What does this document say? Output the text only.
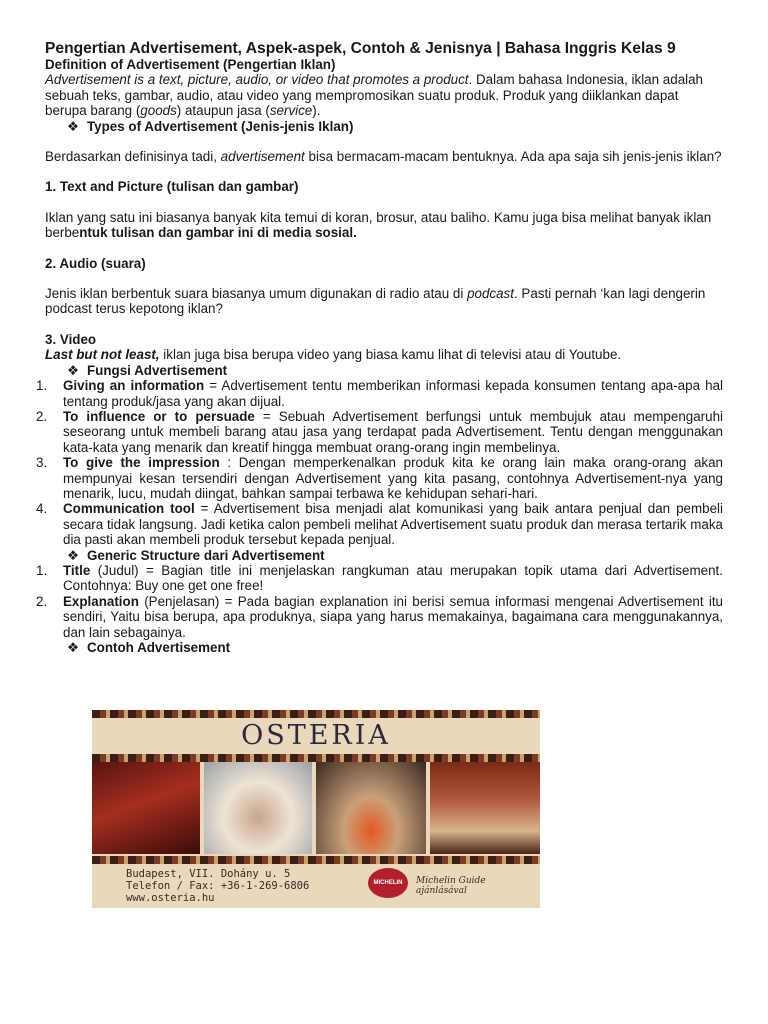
Pengertian Advertisement, Aspek-aspek, Contoh & Jenisnya | Bahasa Inggris Kelas 9

Definition of Advertisement (Pengertian Iklan)

Advertisement is a text, picture, audio, or video that promotes a product. Dalam bahasa Indonesia, iklan adalah sebuah teks, gambar, audio, atau video yang mempromosikan suatu produk. Produk yang diiklankan dapat berupa barang (goods) ataupun jasa (service).

❖ Types of Advertisement (Jenis-jenis Iklan)

Berdasarkan definisinya tadi, advertisement bisa bermacam-macam bentuknya. Ada apa saja sih jenis-jenis iklan?

1. Text and Picture (tulisan dan gambar)

Iklan yang satu ini biasanya banyak kita temui di koran, brosur, atau baliho. Kamu juga bisa melihat banyak iklan berbentuk tulisan dan gambar ini di media sosial.

2. Audio (suara)

Jenis iklan berbentuk suara biasanya umum digunakan di radio atau di podcast. Pasti pernah ‘kan lagi dengerin podcast terus kepotong iklan?

3. Video

Last but not least, iklan juga bisa berupa video yang biasa kamu lihat di televisi atau di Youtube.

❖ Fungsi Advertisement

1. Giving an information = Advertisement tentu memberikan informasi kepada konsumen tentang apa-apa hal tentang produk/jasa yang akan dijual.
2. To influence or to persuade = Sebuah Advertisement berfungsi untuk membujuk atau mempengaruhi seseorang untuk membeli barang atau jasa yang terdapat pada Advertisement. Tentu dengan menggunakan kata-kata yang menarik dan kreatif hingga membuat orang-orang ingin membelinya.
3. To give the impression : Dengan memperkenalkan produk kita ke orang lain maka orang-orang akan mempunyai kesan tersendiri dengan Advertisement yang kita pasang, contohnya Advertisement-nya yang menarik, lucu, mudah diingat, bahkan sampai terbawa ke kehidupan sehari-hari.
4. Communication tool = Advertisement bisa menjadi alat komunikasi yang baik antara penjual dan pembeli secara tidak langsung. Jadi ketika calon pembeli melihat Advertisement suatu produk dan merasa tertarik maka dia pasti akan membeli produk tersebut kepada penjual.

❖ Generic Structure dari Advertisement

1. Title (Judul) = Bagian title ini menjelaskan rangkuman atau merupakan topik utama dari Advertisement. Contohnya: Buy one get one free!
2. Explanation (Penjelasan) = Pada bagian explanation ini berisi semua informasi mengenai Advertisement itu sendiri, Yaitu bisa berupa, apa produknya, siapa yang harus memakainya, bagaimana cara menggunakannya, dan lain sebagainya.

❖ Contoh Advertisement

OSTERIA
Budapest, VII. Dohány u. 5
Telefon / Fax: +36-1-269-6806
www.osteria.hu
MICHELIN	Michelin Guide
ajánlásával
